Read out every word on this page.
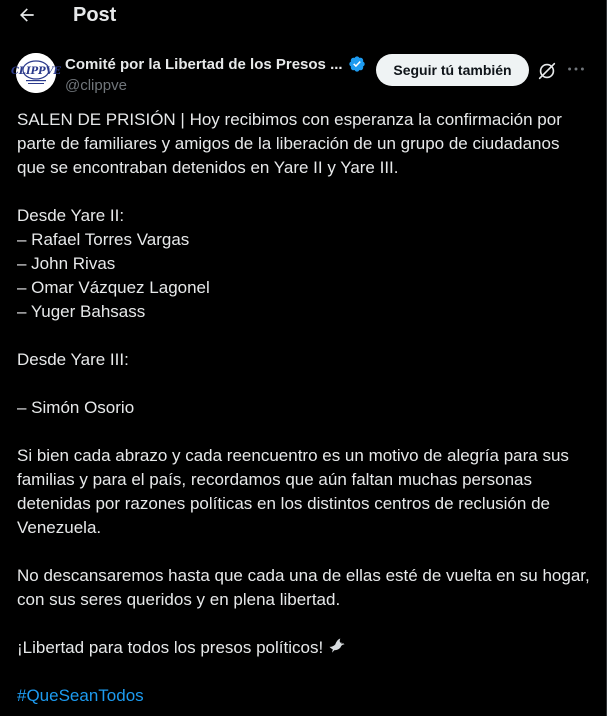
Post
CLIPPVE Comité por la Libertad de los Presos ...
@clippve
Seguir tú también

SALEN DE PRISIÓN | Hoy recibimos con esperanza la confirmación por parte de familiares y amigos de la liberación de un grupo de ciudadanos que se encontraban detenidos en Yare II y Yare III.

Desde Yare II:

– Rafael Torres Vargas

– John Rivas

– Omar Vázquez Lagonel

– Yuger Bahsass

Desde Yare III:

– Simón Osorio

Si bien cada abrazo y cada reencuentro es un motivo de alegría para sus familias y para el país, recordamos que aún faltan muchas personas detenidas por razones políticas en los distintos centros de reclusión de Venezuela.

No descansaremos hasta que cada una de ellas esté de vuelta en su hogar, con sus seres queridos y en plena libertad.

¡Libertad para todos los presos políticos!

#QueSeanTodos
